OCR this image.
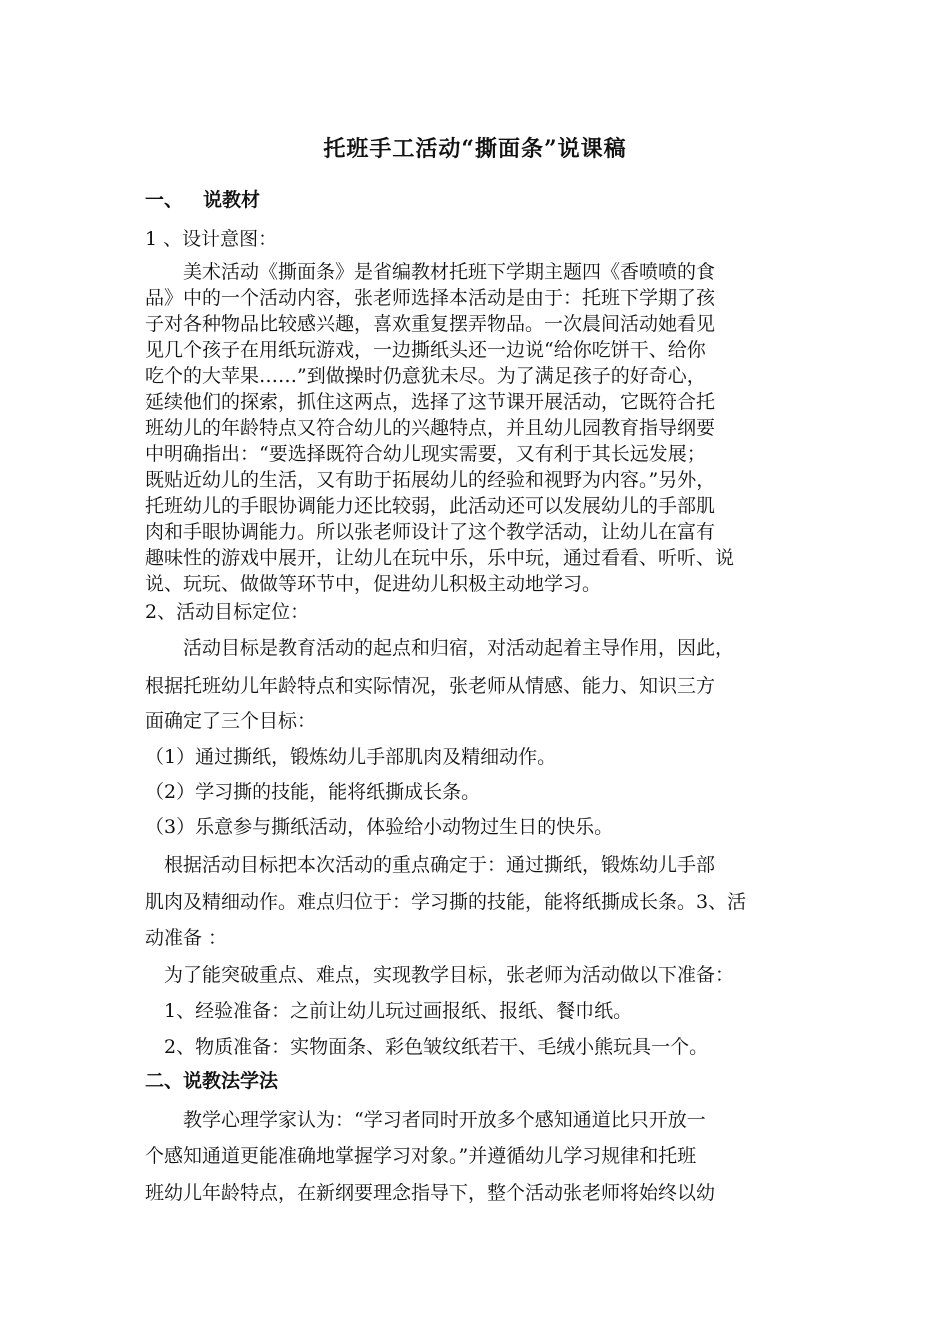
托班手工活动“撕面条”说课稿
一、 说教材
1 、设计意图：
　　美术活动《撕面条》是省编教材托班下学期主题四《香喷喷的食
品》中的一个活动内容，张老师选择本活动是由于：托班下学期了孩
子对各种物品比较感兴趣，喜欢重复摆弄物品。一次晨间活动她看见
见几个孩子在用纸玩游戏，一边撕纸头还一边说“给你吃饼干、给你
吃个的大苹果……”到做操时仍意犹未尽。为了满足孩子的好奇心，
延续他们的探索，抓住这两点，选择了这节课开展活动，它既符合托
班幼儿的年龄特点又符合幼儿的兴趣特点，并且幼儿园教育指导纲要
中明确指出：“要选择既符合幼儿现实需要，又有利于其长远发展；
既贴近幼儿的生活，又有助于拓展幼儿的经验和视野为内容。”另外，
托班幼儿的手眼协调能力还比较弱，此活动还可以发展幼儿的手部肌
肉和手眼协调能力。所以张老师设计了这个教学活动，让幼儿在富有
趣味性的游戏中展开，让幼儿在玩中乐，乐中玩，通过看看、听听、说
说、玩玩、做做等环节中，促进幼儿积极主动地学习。
2、活动目标定位：
　　活动目标是教育活动的起点和归宿，对活动起着主导作用，因此，
根据托班幼儿年龄特点和实际情况，张老师从情感、能力、知识三方
面确定了三个目标：
（1）通过撕纸，锻炼幼儿手部肌肉及精细动作。
（2）学习撕的技能，能将纸撕成长条。
（3）乐意参与撕纸活动，体验给小动物过生日的快乐。
　根据活动目标把本次活动的重点确定于：通过撕纸，锻炼幼儿手部
肌肉及精细动作。难点归位于：学习撕的技能，能将纸撕成长条。3、活
动准备 ：
　为了能突破重点、难点，实现教学目标，张老师为活动做以下准备：
　1、经验准备：之前让幼儿玩过画报纸、报纸、餐巾纸。
　2、物质准备：实物面条、彩色皱纹纸若干、毛绒小熊玩具一个。
二、说教法学法
　　教学心理学家认为：“学习者同时开放多个感知通道比只开放一
个感知通道更能准确地掌握学习对象。”并遵循幼儿学习规律和托班
班幼儿年龄特点，在新纲要理念指导下，整个活动张老师将始终以幼
